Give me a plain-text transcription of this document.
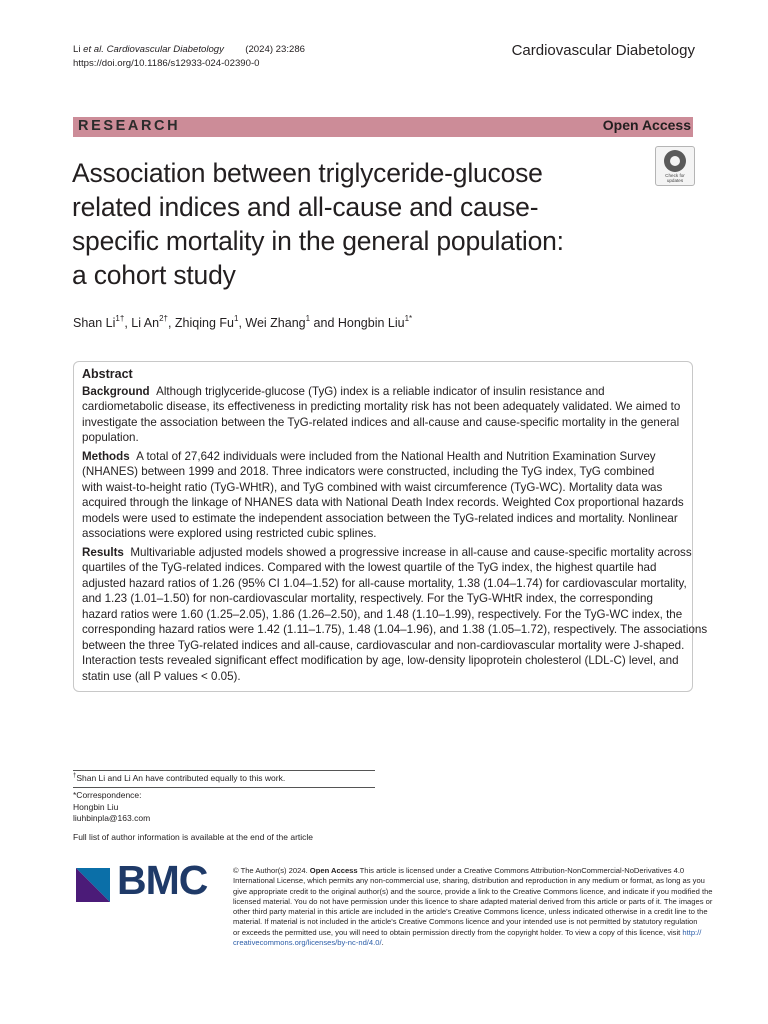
Li et al. Cardiovascular Diabetology (2024) 23:286
https://doi.org/10.1186/s12933-024-02390-0
Cardiovascular Diabetology
RESEARCH	Open Access
Check for
updates
Association between triglyceride-glucose
related indices and all-cause and cause-
specific mortality in the general population:
a cohort study
Shan $Li^{1\dagger}$, Li $An^{2\dagger}$, Zhiqing Fu$^1$, Wei Zhang$^1$ and Hongbin Liu$^{1*}$
Abstract
Background Although triglyceride-glucose (TyG) index is a reliable indicator of insulin resistance and
cardiometabolic disease, its effectiveness in predicting mortality risk has not been adequately validated. We aimed to
investigate the association between the TyG-related indices and all-cause and cause-specific mortality in the general
population.
Methods A total of 27,642 individuals were included from the National Health and Nutrition Examination Survey
(NHANES) between 1999 and 2018. Three indicators were constructed, including the TyG index, TyG combined
with waist-to-height ratio (TyG-WHtR), and TyG combined with waist circumference (TyG-WC). Mortality data was
acquired through the linkage of NHANES data with National Death Index records. Weighted Cox proportional hazards
models were used to estimate the independent association between the TyG-related indices and mortality. Nonlinear
associations were explored using restricted cubic splines.
Results Multivariable adjusted models showed a progressive increase in all-cause and cause-specific mortality across
quartiles of the TyG-related indices. Compared with the lowest quartile of the TyG index, the highest quartile had
adjusted hazard ratios of 1.26 (95% CI 1.04–1.52) for all-cause mortality, 1.38 (1.04–1.74) for cardiovascular mortality,
and 1.23 (1.01–1.50) for non-cardiovascular mortality, respectively. For the TyG-WHtR index, the corresponding
hazard ratios were 1.60 (1.25–2.05), 1.86 (1.26–2.50), and 1.48 (1.10–1.99), respectively. For the TyG-WC index, the
corresponding hazard ratios were 1.42 (1.11–1.75), 1.48 (1.04–1.96), and 1.38 (1.05–1.72), respectively. The associations
between the three TyG-related indices and all-cause, cardiovascular and non-cardiovascular mortality were J-shaped.
Interaction tests revealed significant effect modification by age, low-density lipoprotein cholesterol (LDL-C) level, and
statin use (all P values < 0.05).
†Shan Li and Li An have contributed equally to this work.
*Correspondence:
Hongbin Liu
liuhbinpla@163.com
Full list of author information is available at the end of the article
BMC	© The Author(s) 2024. Open Access This article is licensed under a Creative Commons Attribution-NonCommercial-NoDerivatives 4.0
International License, which permits any non-commercial use, sharing, distribution and reproduction in any medium or format, as long as you
give appropriate credit to the original author(s) and the source, provide a link to the Creative Commons licence, and indicate if you modified the
licensed material. You do not have permission under this licence to share adapted material derived from this article or parts of it. The images or
other third party material in this article are included in the article's Creative Commons licence, unless indicated otherwise in a credit line to the
material. If material is not included in the article's Creative Commons licence and your intended use is not permitted by statutory regulation
or exceeds the permitted use, you will need to obtain permission directly from the copyright holder. To view a copy of this licence, visit http://
creativecommons.org/licenses/by-nc-nd/4.0/.
